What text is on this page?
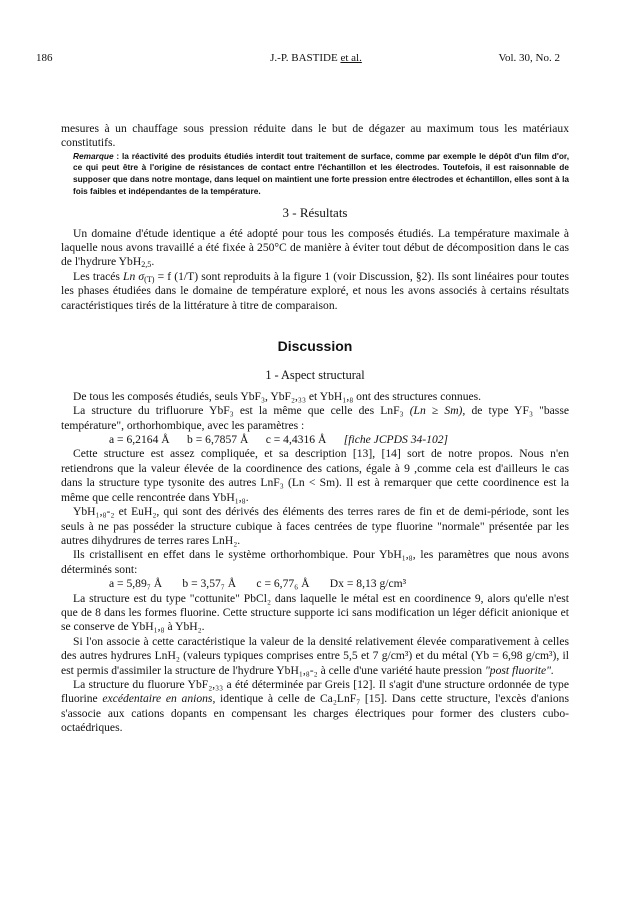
186	J.-P. BASTIDE et al.	Vol. 30, No. 2

mesures à un chauffage sous pression réduite dans le but de dégazer au maximum tous les matériaux constitutifs.

Remarque : la réactivité des produits étudiés interdit tout traitement de surface, comme par exemple le dépôt d'un film d'or, ce qui peut être à l'origine de résistances de contact entre l'échantillon et les électrodes. Toutefois, il est raisonnable de supposer que dans notre montage, dans lequel on maintient une forte pression entre électrodes et échantillon, elles sont à la fois faibles et indépendantes de la température.

3 - Résultats

Un domaine d'étude identique a été adopté pour tous les composés étudiés. La température maximale à laquelle nous avons travaillé a été fixée à 250°C de manière à éviter tout début de décomposition dans le cas de l'hydrure YbH$_{2,5}$.

Les tracés Ln $\sigma_{(T)} = f$ (1/T) sont reproduits à la figure 1 (voir Discussion, §2). Ils sont linéaires pour toutes les phases étudiées dans le domaine de température exploré, et nous les avons associés à certains résultats caractéristiques tirés de la littérature à titre de comparaison.

Discussion
1 - Aspect structural

De tous les composés étudiés, seuls YbF₃, YbF₂,₃₃ et YbH₁,₈ ont des structures connues.

La structure du trifluorure YbF₃ est la même que celle des LnF₃ (Ln ≥ Sm), de type YF₃ "basse température", orthorhombique, avec les paramètres :

a = 6,2164 Å      b = 6,7857 Å      c = 4,4316 Å      [fiche JCPDS 34-102]

Cette structure est assez compliquée, et sa description [13], [14] sort de notre propos. Nous n'en retiendrons que la valeur élevée de la coordinence des cations, égale à 9 ,comme cela est d'ailleurs le cas dans la structure type tysonite des autres LnF₃ (Ln < Sm). Il est à remarquer que cette coordinence est la même que celle rencontrée dans YbH₁,₈.

YbH₁,₈-₂ et EuH₂, qui sont des dérivés des éléments des terres rares de fin et de demi-période, sont les seuls à ne pas posséder la structure cubique à faces centrées de type fluorine "normale" présentée par les autres dihydrures de terres rares LnH₂.

Ils cristallisent en effet dans le système orthorhombique. Pour YbH₁,₈, les paramètres que nous avons déterminés sont:

a = 5,89₇ Å       b = 3,57₇ Å       c = 6,77₆ Å       Dx = 8,13 g/cm³

La structure est du type "cottunite" PbCl₂ dans laquelle le métal est en coordinence 9, alors qu'elle n'est que de 8 dans les formes fluorine. Cette structure supporte ici sans modification un léger déficit anionique et se conserve de YbH₁,₈ à YbH₂.

Si l'on associe à cette caractéristique la valeur de la densité relativement élevée comparativement à celles des autres hydrures LnH₂ (valeurs typiques comprises entre 5,5 et 7 g/cm³) et du métal (Yb = 6,98 g/cm³), il est permis d'assimiler la structure de l'hydrure YbH₁,₈-₂ à celle d'une variété haute pression "post fluorite".

La structure du fluorure YbF₂,₃₃ a été déterminée par Greis [12]. Il s'agit d'une structure ordonnée de type fluorine excédentaire en anions, identique à celle de Ca₂LnF₇ [15]. Dans cette structure, l'excès d'anions s'associe aux cations dopants en compensant les charges électriques pour former des clusters cubo-octaédriques.
